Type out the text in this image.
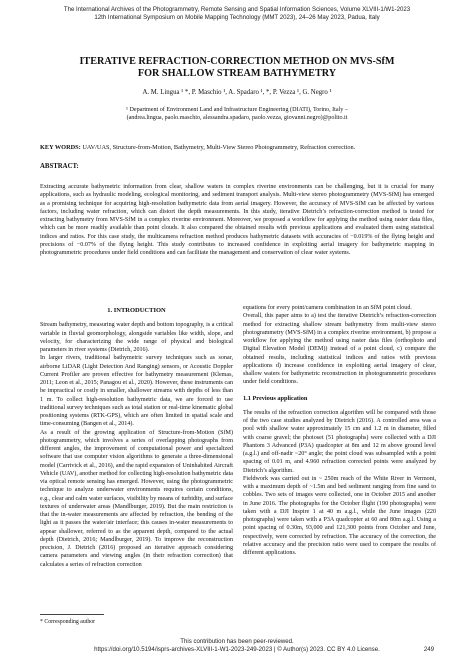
The International Archives of the Photogrammetry, Remote Sensing and Spatial Information Sciences, Volume XLVIII-1/W1-2023
12th International Symposium on Mobile Mapping Technology (MMT 2023), 24–26 May 2023, Padua, Italy
ITERATIVE REFRACTION-CORRECTION METHOD ON MVS-SfM
FOR SHALLOW STREAM BATHYMETRY
A. M. Lingua ¹ *, P. Maschio ¹, A. Spadaro ¹, *, P. Vezza ¹, G. Negro ¹
¹ Department of Environment Land and Infrastructure Engineering (DIATI), Torino, Italy –
(andrea.lingua, paolo.maschio, alessandra.spadaro, paolo.vezza, giovanni.negro)@polito.it
KEY WORDS: UAV/UAS, Structure-from-Motion, Bathymetry, Multi-View Stereo Photogrammetry, Refraction correction.
ABSTRACT:
Extracting accurate bathymetric information from clear, shallow waters in complex riverine environments can be challenging, but it is crucial for many applications, such as hydraulic modeling, ecological monitoring, and sediment transport analysis. Multi-view stereo photogrammetry (MVS-SfM) has emerged as a promising technique for acquiring high-resolution bathymetric data from aerial imagery. However, the accuracy of MVS-SfM can be affected by various factors, including water refraction, which can distort the depth measurements. In this study, iterative Dietrich’s refraction-correction method is tested for extracting bathymetry from MVS-SfM in a complex riverine environment. Moreover, we proposed a workflow for applying the method using raster data files, which can be more readily available than point clouds. It also compared the obtained results with previous applications and evaluated them using statistical indices and ratios. For this case study, the multicamera refraction method produces bathymetric datasets with accuracies of −0.019% of the flying height and precisions of −0.07% of the flying height. This study contributes to increased confidence in exploiting aerial imagery for bathymetric mapping in photogrammetric procedures under field conditions and can facilitate the management and conservation of clear water systems.
1. INTRODUCTION

Stream bathymetry, measuring water depth and bottom topography, is a critical variable in fluvial geomorphology, alongside variables like width, slope, and velocity, for characterizing the wide range of physical and biological parameters in river systems (Dietrich, 2016).

In larger rivers, traditional bathymetric survey techniques such as sonar, airborne LiDAR (Light Detection And Ranging) sensors, or Acoustic Doppler Current Profiler are proven effective for bathymetry measurement (Klemas, 2011; Leon et al., 2015; Panagou et al., 2020). However, these instruments can be impractical or costly in smaller, shallower streams with depths of less than 1 m. To collect high-resolution bathymetric data, we are forced to use traditional survey techniques such as total station or real-time kinematic global positioning systems (RTK-GPS), which are often limited in spatial scale and time-consuming (Bangen et al., 2014).

As a result of the growing application of Structure-from-Motion (SfM) photogrammetry, which involves a series of overlapping photographs from different angles, the improvement of computational power and specialized software that use computer vision algorithms to generate a three-dimensional model (Carrivick et al., 2016), and the rapid expansion of Uninhabited Aircraft Vehicle (UAV), another method for collecting high-resolution bathymetric data via optical remote sensing has emerged. However, using the photogrammetric technique to analyze underwater environments requires certain conditions, e.g., clear and calm water surfaces, visibility by means of turbidity, and surface textures of underwater areas (Mandlburger, 2019). But the main restriction is that the in-water measurements are affected by refraction, the bending of the light as it passes the water/air interface; this causes in-water measurements to appear shallower, referred to as the apparent depth, compared to the actual depth (Dietrich, 2016; Mandlburger, 2019). To improve the reconstruction precision, J. Dietrich (2016) proposed an iterative approach considering camera parameters and viewing angles (in their refraction correction) that calculates a series of refraction correction

equations for every point/camera combination in an SfM point cloud.

Overall, this paper aims to a) test the iterative Dietrich’s refraction-correction method for extracting shallow stream bathymetry from multi-view stereo photogrammetry (MVS-SfM) in a complex riverine environment, b) propose a workflow for applying the method using raster data files (orthophoto and Digital Elevation Model (DEM)) instead of a point cloud, c) compare the obtained results, including statistical indices and ratios with previous applications d) increase confidence in exploiting aerial imagery of clear, shallow waters for bathymetric reconstruction in photogrammetric procedures under field conditions.

1.1 Previous application

The results of the refraction correction algorithm will be compared with those of the two case studies analyzed by Dietrich (2016). A controlled area was a pool with shallow water approximately 15 cm and 1.2 m in diameter, filled with coarse gravel; the photoset (51 photographs) were collected with a DJI Phantom 3 Advanced (P3A) quadcopter at 8m and 12 m above ground level (a.g.l.) and off-nadir ~20° angle; the point cloud was subsampled with a point spacing of 0.01 m, and 4.960 refraction corrected points were analyzed by Dietrich’s algorithm.

Fieldwork was carried out in ~ 250m reach of the White River in Vermont, with a maximum depth of ~1.5m and bed sediment ranging from fine sand to cobbles. Two sets of images were collected, one in October 2015 and another in June 2016. The photographs for the October flight (190 photographs) were taken with a DJI Inspire 1 at 40 m a.g.l., while the June images (220 photographs) were taken with a P3A quadcopter at 60 and 80m a.g.l. Using a point spacing of 0.30m, 93,000 and 121,300 points from October and June, respectively, were corrected by refraction. The accuracy of the correction, the relative accuracy and the precision ratio were used to compare the results of different applications.

* Corresponding author
This contribution has been peer-reviewed.
https://doi.org/10.5194/isprs-archives-XLVIII-1-W1-2023-249-2023 | © Author(s) 2023. CC BY 4.0 License.	249
